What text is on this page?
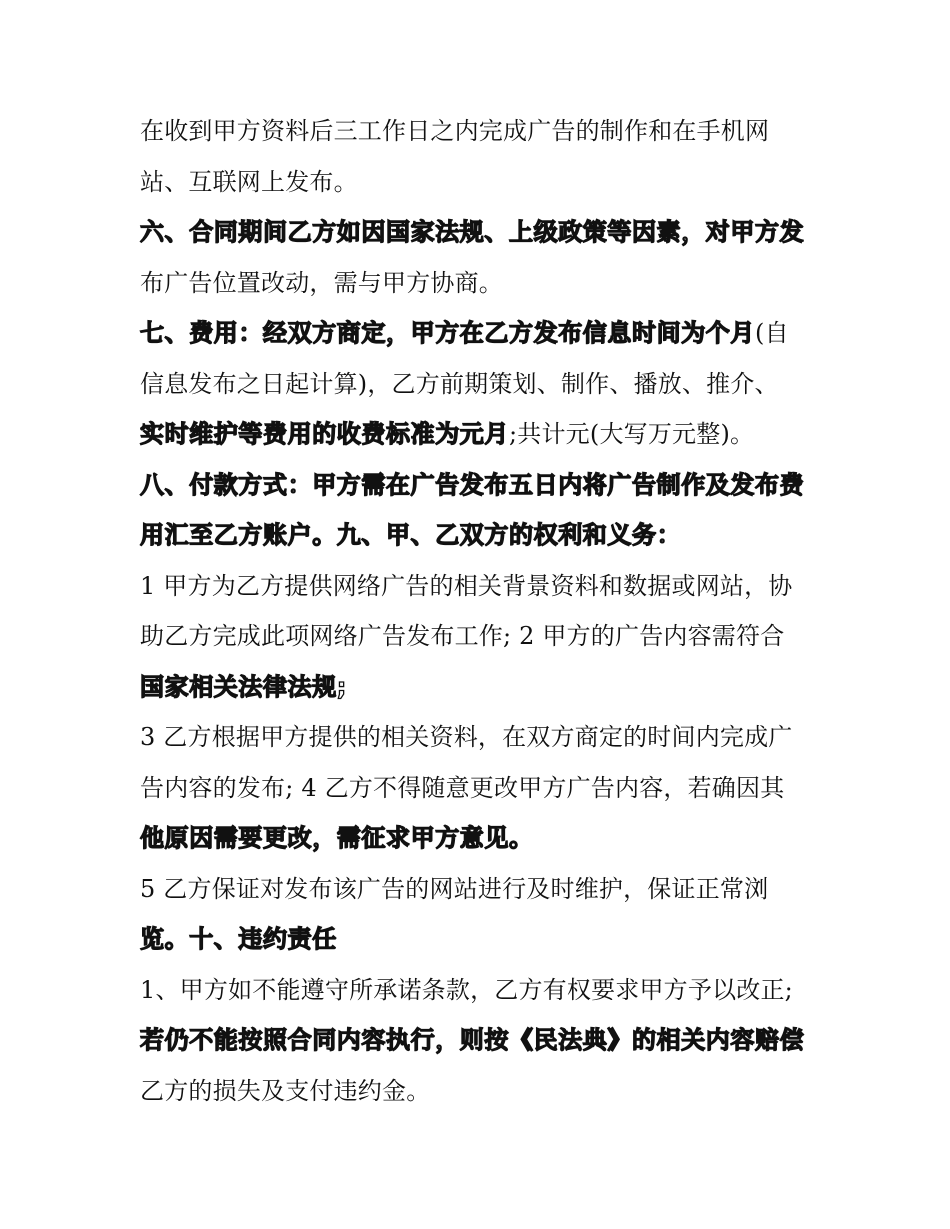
在收到甲方资料后三工作日之内完成广告的制作和在手机网
站、互联网上发布。
六、合同期间乙方如因国家法规、上级政策等因素，对甲方发
布广告位置改动，需与甲方协商。
七、费用：经双方商定，甲方在乙方发布信息时间为个月(自
信息发布之日起计算)，乙方前期策划、制作、播放、推介、
实时维护等费用的收费标准为元月;共计元(大写万元整)。
八、付款方式：甲方需在广告发布五日内将广告制作及发布费
用汇至乙方账户。九、甲、乙双方的权利和义务：
1 甲方为乙方提供网络广告的相关背景资料和数据或网站，协
助乙方完成此项网络广告发布工作; 2 甲方的广告内容需符合
国家相关法律法规;
3 乙方根据甲方提供的相关资料，在双方商定的时间内完成广
告内容的发布; 4 乙方不得随意更改甲方广告内容，若确因其
他原因需要更改，需征求甲方意见。
5 乙方保证对发布该广告的网站进行及时维护，保证正常浏
览。十、违约责任
1、甲方如不能遵守所承诺条款，乙方有权要求甲方予以改正;
若仍不能按照合同内容执行，则按《民法典》的相关内容赔偿
乙方的损失及支付违约金。
